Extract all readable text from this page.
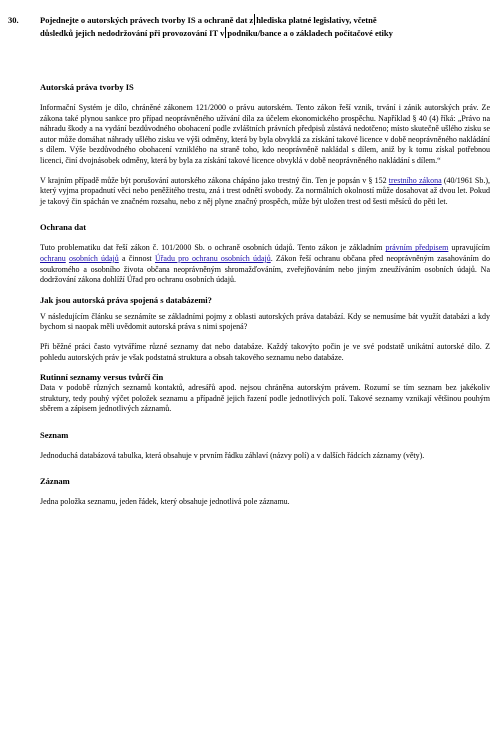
30.	Pojednejte o autorských právech tvorby IS a ochraně dat z hlediska platné legislativy, včetně
důsledků jejich nedodržování při provozování IT v podniku/bance a o základech počítačové etiky
Autorská práva tvorby IS

Informační Systém je dílo, chráněné zákonem 121/2000 o právu autorském. Tento zákon řeší vznik, trvání i zánik autorských práv. Ze zákona také plynou sankce pro případ neoprávněného užívání díla za účelem ekonomického prospěchu. Například § 40 (4) říká: „Právo na náhradu škody a na vydání bezdůvodného obohacení podle zvláštních právních předpisů zůstává nedotčeno; místo skutečně ušlého zisku se autor může domáhat náhrady ušlého zisku ve výši odměny, která by byla obvyklá za získání takové licence v době neoprávněného nakládání s dílem. Výše bezdůvodného obohacení vzniklého na straně toho, kdo neoprávněně nakládal s dílem, aniž by k tomu získal potřebnou licenci, činí dvojnásobek odměny, která by byla za získání takové licence obvyklá v době neoprávněného nakládání s dílem.“

V krajním případě může být porušování autorského zákona chápáno jako trestný čin. Ten je popsán v § 152 trestního zákona (40/1961 Sb.), který vyjma propadnutí věci nebo peněžitého trestu, zná i trest odnětí svobody. Za normálních okolností může dosahovat až dvou let. Pokud je takový čin spáchán ve značném rozsahu, nebo z něj plyne značný prospěch, může být uložen trest od šesti měsíců do pěti let.

Ochrana dat

Tuto problematiku dat řeší zákon č. 101/2000 Sb. o ochraně osobních údajů. Tento zákon je základním právním předpisem upravujícím ochranu osobních údajů a činnost Úřadu pro ochranu osobních údajů. Zákon řeší ochranu občana před neoprávněným zasahováním do soukromého a osobního života občana neoprávněným shromažďováním, zveřejňováním nebo jiným zneužíváním osobních údajů. Na dodržování zákona dohlíží Úřad pro ochranu osobních údajů.

Jak jsou autorská práva spojená s databázemi?

V následujícím článku se seznámíte se základními pojmy z oblasti autorských práva databází. Kdy se nemusíme bát využít databázi a kdy bychom si naopak měli uvědomit autorská práva s nimi spojená?

Při běžné práci často vytváříme různé seznamy dat nebo databáze. Každý takovýto počin je ve své podstatě unikátní autorské dílo. Z pohledu autorských práv je však podstatná struktura a obsah takového seznamu nebo databáze.

Rutinní seznamy versus tvůrčí čin

Data v podobě různých seznamů kontaktů, adresářů apod. nejsou chráněna autorským právem. Rozumí se tím seznam bez jakékoliv struktury, tedy pouhý výčet položek seznamu a případně jejich řazení podle jednotlivých polí. Takové seznamy vznikají většinou pouhým sběrem a zápisem jednotlivých záznamů.

Seznam

Jednoduchá databázová tabulka, která obsahuje v prvním řádku záhlaví (názvy polí) a v dalších řádcích záznamy (věty).

Záznam

Jedna položka seznamu, jeden řádek, který obsahuje jednotlivá pole záznamu.
